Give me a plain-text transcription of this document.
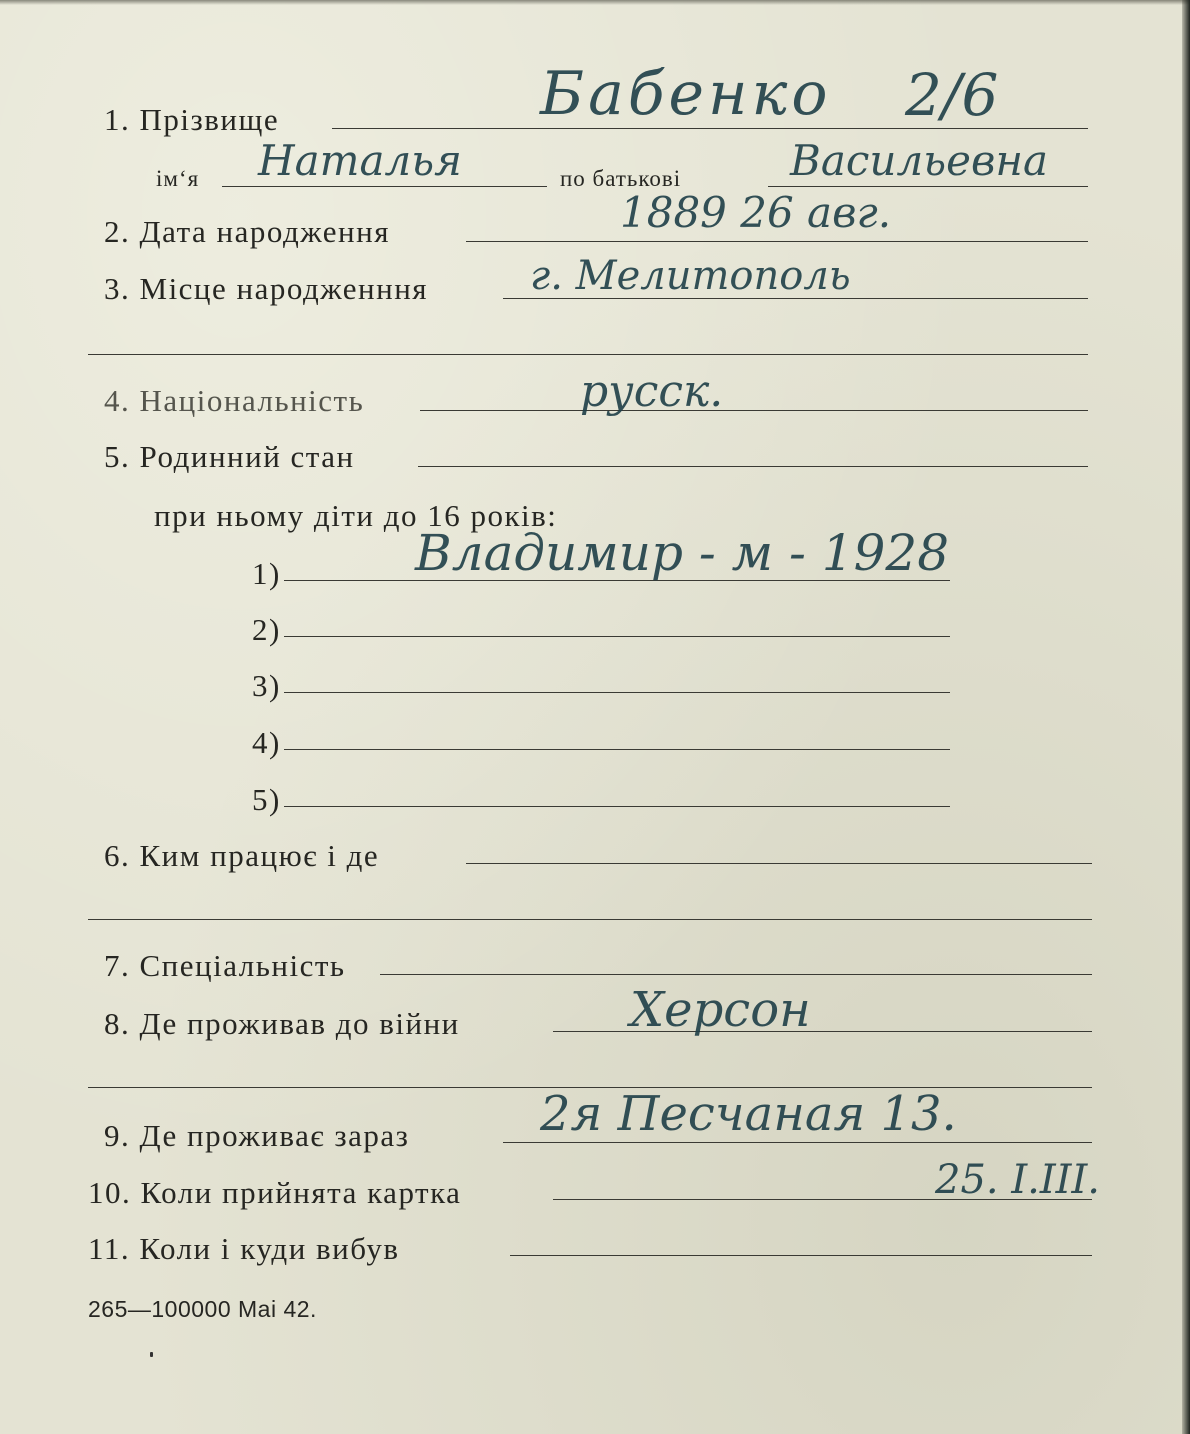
1. Прізвище	Бабенко 2/6
ім‘я Наталья	по батькові	Васильевна
2. Дата народження	1889 26 авг.
3. Місце народженння	г. Мелитополь
4. Національність	русск.
5. Родинний стан
при ньому діти до 16 років:
1)	Владимир - м - 1928
2)
3)
4)
5)
6. Ким працює і де
7. Спеціальність
8. Де проживав до війни	Херсон
9. Де проживає зараз	2я Песчаная 13.
10. Коли прийнята картка	25. I.III.
11. Коли і куди вибув
265—100000 Mai 42.
